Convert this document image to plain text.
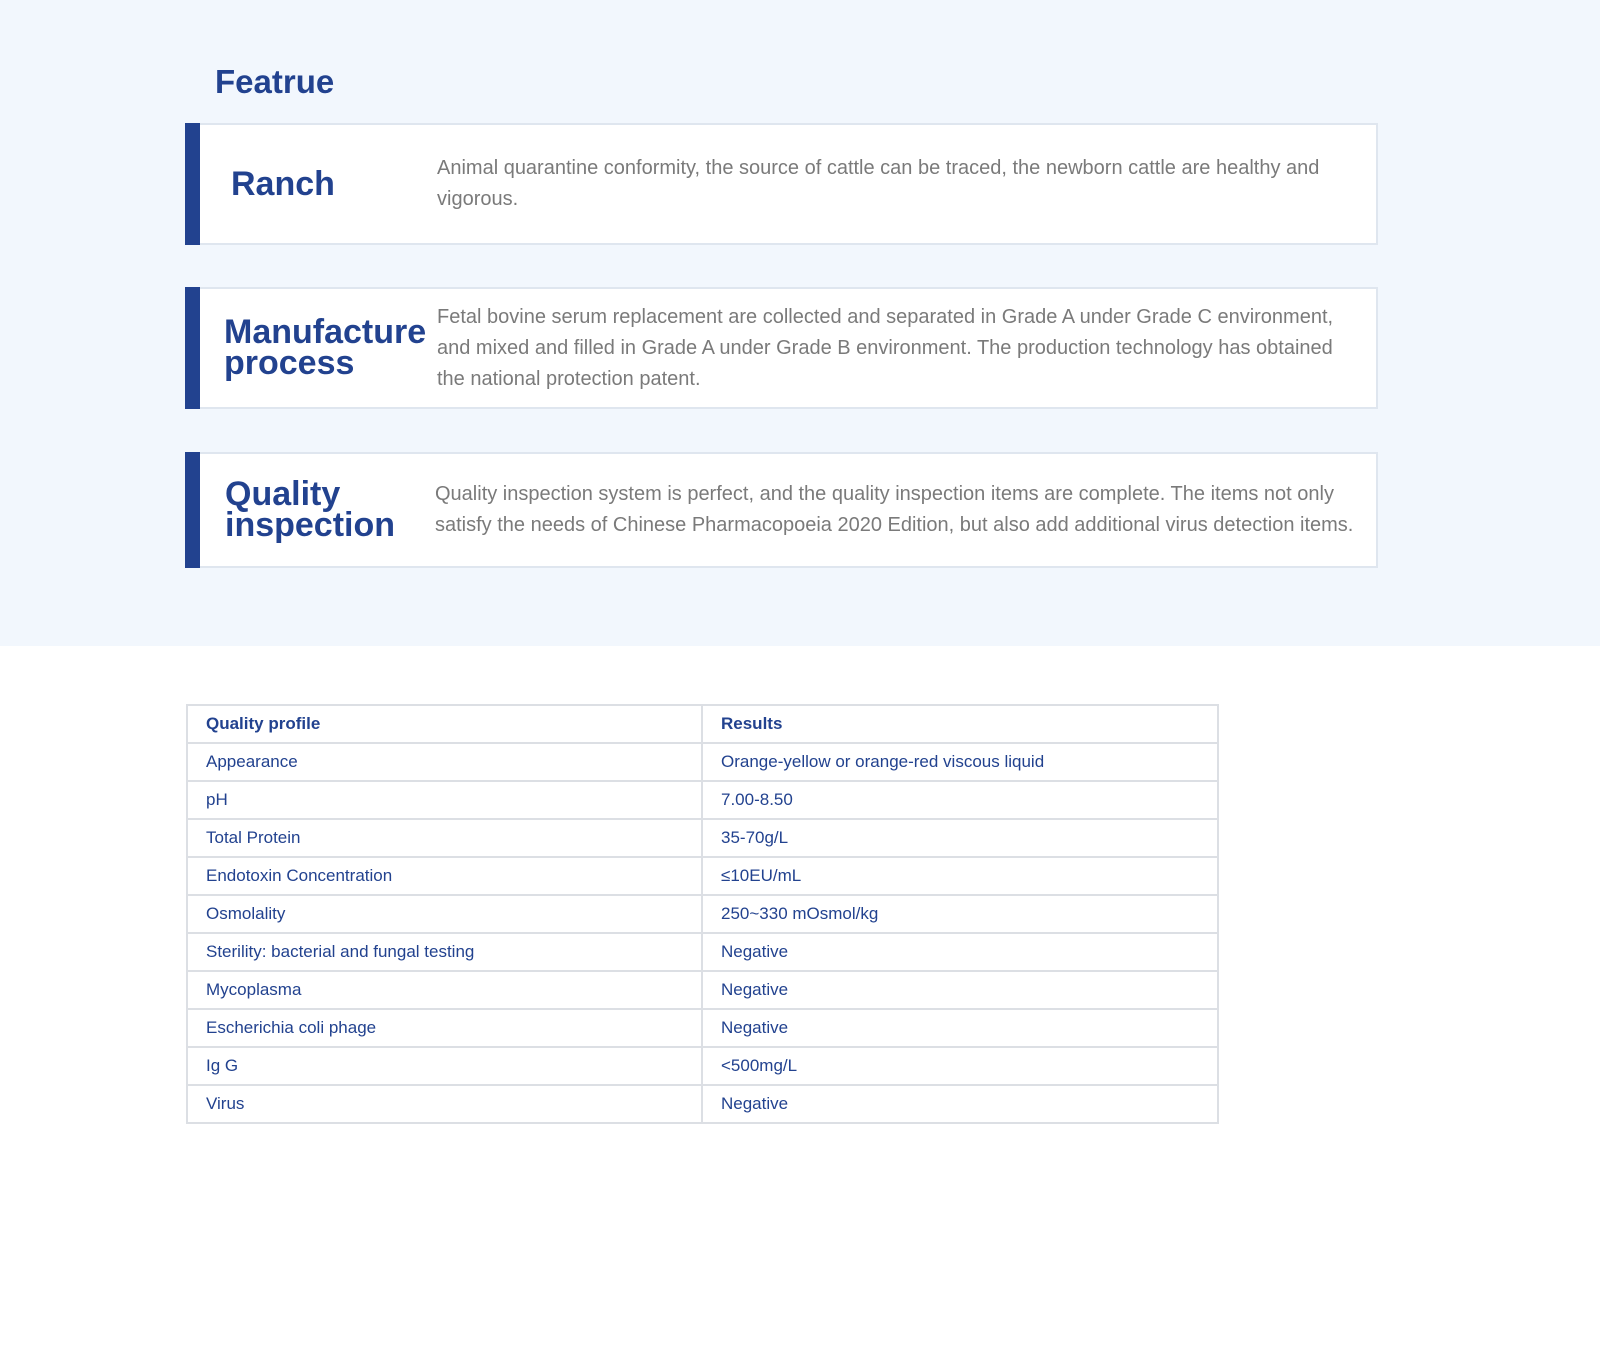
Featrue
Ranch	Animal quarantine conformity, the source of cattle can be traced, the newborn cattle are healthy and vigorous.

Manufacture
process

Fetal bovine serum replacement are collected and separated in Grade A under Grade C environment, and mixed and filled in Grade A under Grade B environment. The production technology has obtained the national protection patent.

Quality
inspection

Quality inspection system is perfect, and the quality inspection items are complete. The items not only satisfy the needs of Chinese Pharmacopoeia 2020 Edition, but also add additional virus detection items.

Quality profile	Results
Appearance	Orange-yellow or orange-red viscous liquid
pH	7.00-8.50
Total Protein	35-70g/L
Endotoxin Concentration	≤10EU/mL
Osmolality	250~330 mOsmol/kg
Sterility: bacterial and fungal testing	Negative
Mycoplasma	Negative
Escherichia coli phage	Negative
Ig G	<500mg/L
Virus	Negative
